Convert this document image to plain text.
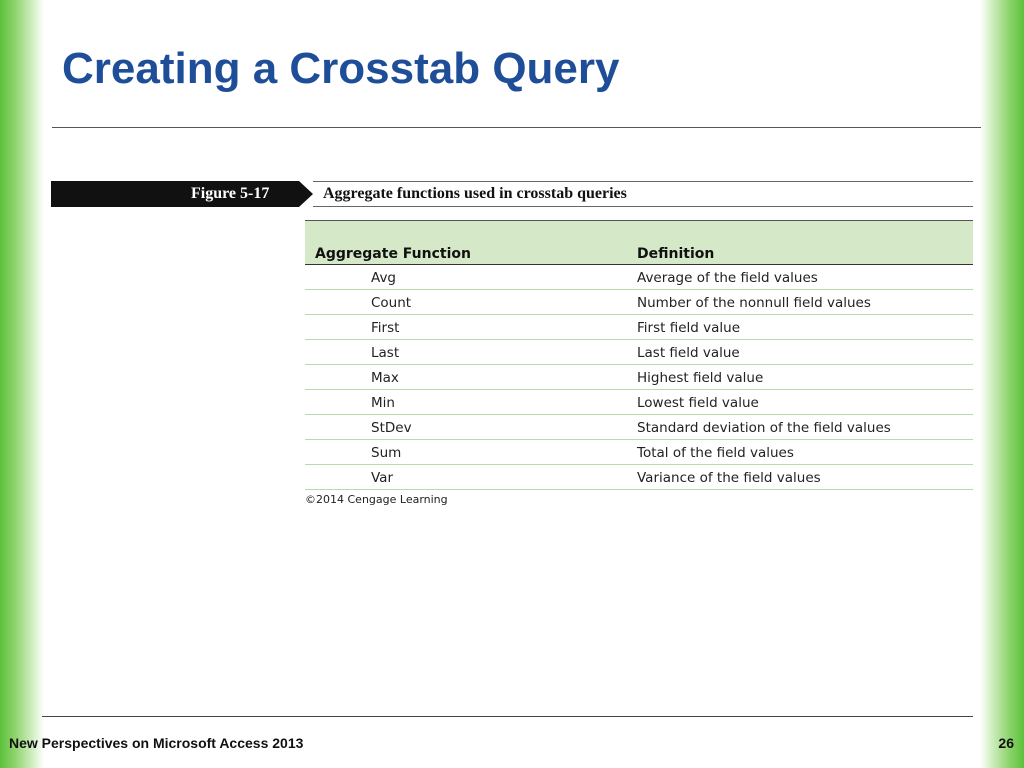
Creating a Crosstab Query
Figure 5-17	Aggregate functions used in crosstab queries
Aggregate Function	Definition
Avg	Average of the field values
Count	Number of the nonnull field values
First	First field value
Last	Last field value
Max	Highest field value
Min	Lowest field value
StDev	Standard deviation of the field values
Sum	Total of the field values
Var	Variance of the field values
©2014 Cengage Learning
New Perspectives on Microsoft Access 2013	26
